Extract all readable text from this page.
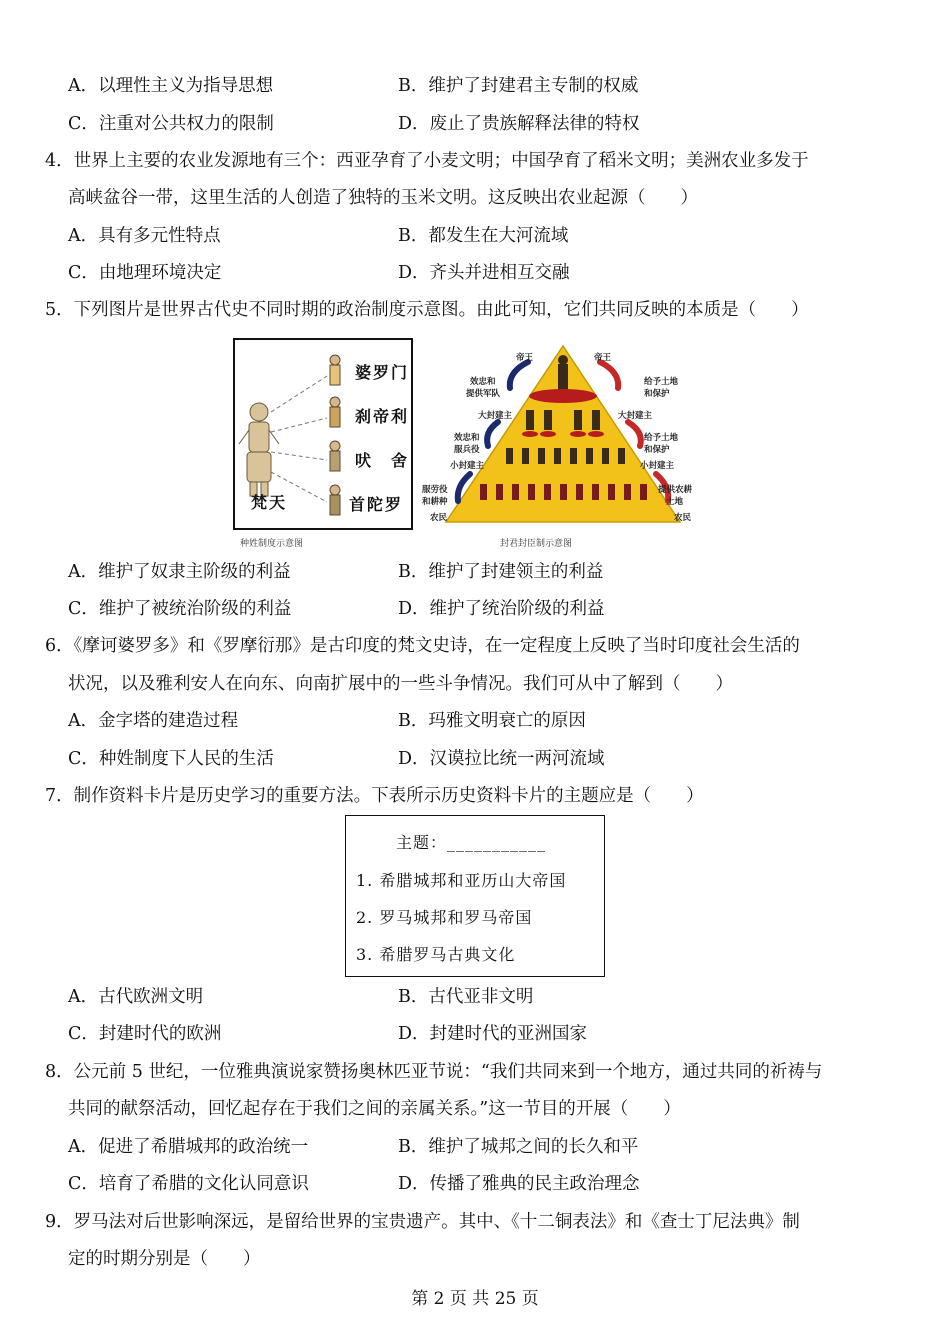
A．以理性主义为指导思想	B．维护了封建君主专制的权威
C．注重对公共权力的限制	D．废止了贵族解释法律的特权
4．世界上主要的农业发源地有三个：西亚孕育了小麦文明；中国孕育了稻米文明；美洲农业多发于
高峡盆谷一带，这里生活的人创造了独特的玉米文明。这反映出农业起源（　　）
A．具有多元性特点	B．都发生在大河流域
C．由地理环境决定	D．齐头并进相互交融
5．下列图片是世界古代史不同时期的政治制度示意图。由此可知，它们共同反映的本质是（　　）
婆罗门
刹帝利
吠　舍
首陀罗
梵天
种姓制度示意图
帝王	帝王
效忠和
提供军队
大封建主
效忠和
服兵役
小封建主
服劳役
和耕种
农民
给予土地
和保护
大封建主
给予土地
和保护
小封建主
提供农耕
土地
农民
封君封臣制示意图
A．维护了奴隶主阶级的利益	B．维护了封建领主的利益
C．维护了被统治阶级的利益	D．维护了统治阶级的利益
6．《摩诃婆罗多》和《罗摩衍那》是古印度的梵文史诗，在一定程度上反映了当时印度社会生活的
状况，以及雅利安人在向东、向南扩展中的一些斗争情况。我们可从中了解到（　　）
A．金字塔的建造过程	B．玛雅文明衰亡的原因
C．种姓制度下人民的生活	D．汉谟拉比统一两河流域
7．制作资料卡片是历史学习的重要方法。下表所示历史资料卡片的主题应是（　　）
主题：___________
1. 希腊城邦和亚历山大帝国
2. 罗马城邦和罗马帝国
3. 希腊罗马古典文化
A．古代欧洲文明	B．古代亚非文明
C．封建时代的欧洲	D．封建时代的亚洲国家
8．公元前 5 世纪，一位雅典演说家赞扬奥林匹亚节说：“我们共同来到一个地方，通过共同的祈祷与
共同的献祭活动，回忆起存在于我们之间的亲属关系。”这一节目的开展（　　）
A．促进了希腊城邦的政治统一	B．维护了城邦之间的长久和平
C．培育了希腊的文化认同意识	D．传播了雅典的民主政治理念
9．罗马法对后世影响深远，是留给世界的宝贵遗产。其中、《十二铜表法》和《查士丁尼法典》制
定的时期分别是（　　）
第 2 页 共 25 页
